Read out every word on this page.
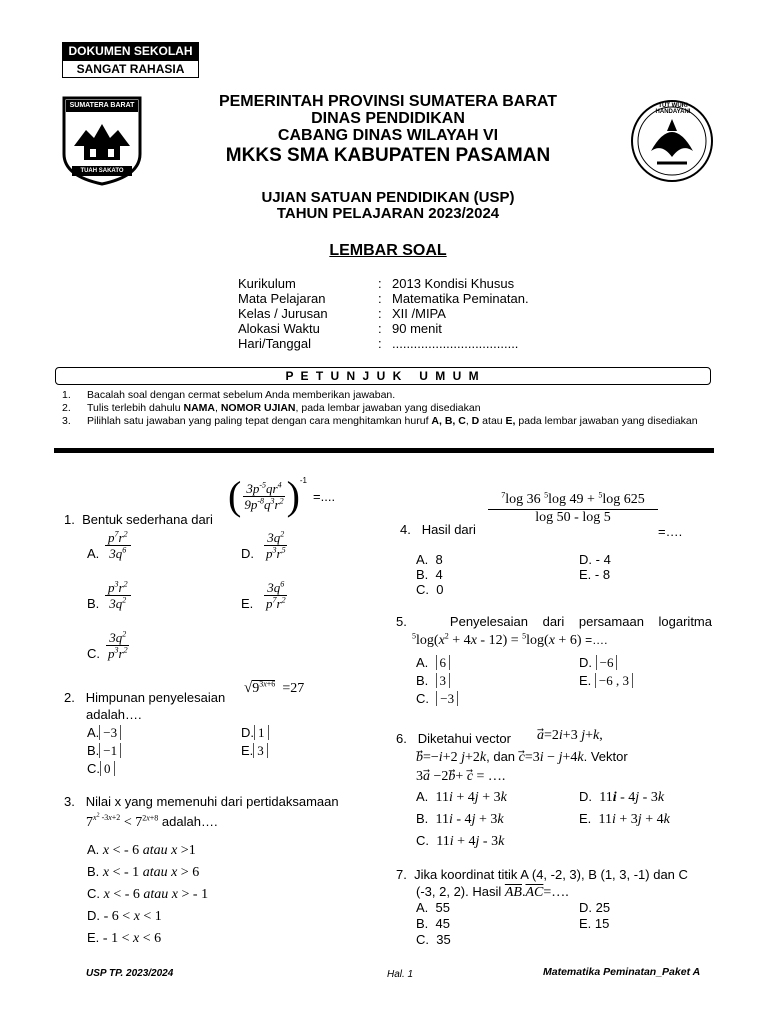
DOKUMEN SEKOLAH
SANGAT RAHASIA
SUMATERA BARAT
TUAH SAKATO
TUT WURI HANDAYANI
PEMERINTAH PROVINSI SUMATERA BARAT
DINAS PENDIDIKAN
CABANG DINAS WILAYAH VI
MKKS SMA KABUPATEN PASAMAN
UJIAN SATUAN PENDIDIKAN (USP)
TAHUN PELAJARAN 2023/2024
LEMBAR SOAL
Kurikulum	:	2013 Kondisi Khusus
Mata Pelajaran	:	Matematika Peminatan.
Kelas / Jurusan	:	XII /MIPA
Alokasi Waktu	:	90 menit
Hari/Tanggal	:	...................................
P E T U N J U K   U M U M
1. Bacalah soal dengan cermat sebelum Anda memberikan jawaban.
2. Tulis terlebih dahulu NAMA, NOMOR UJIAN, pada lembar jawaban yang disediakan
3.	Pilihlah satu jawaban yang paling tepat dengan cara menghitamkan huruf A, B, C, D atau E, pada lembar jawaban yang disediakan
1. Bentuk sederhana dari
( $3p^{-5}qr^4$
$9p^{-8}q^3r^2$ ) -1
=....
A. $\frac{p^7r^2}{3q^6}$
B. $\frac{p^3r^2}{3q^2}$
C. $\frac{3q^2}{p^3r^2}$
D. $\frac{3q^2}{p^3r^5}$
E. $\frac{3q^6}{p^7r^2}$
2. Himpunan penyelesaian
adalah….
$√9^{3x+6} =27$
A. −3
B. −1
C. 0
D. 1
E. 3
3. Nilai x yang memenuhi dari pertidaksamaan
$7^{x^2 -3x+2} < 7^{2x+8}$ adalah….
A. x < - 6 atau x >1
B. x < - 1 atau x > 6
C. x < - 6 atau x > - 1
D. - 6 < x < 1
E. - 1 < x < 6
4. Hasil dari
$^7$log 36 $^5$log 49 + $^5$log 625
log 50 - log 5
=….
A.  8
B.  4
C.  0
D. - 4
E. - 8
5.	Penyelesaian dari persamaan logaritma
$^5\log(x^2 + 4x - 12) = ^5\log(x + 6)$ =….
A.  6
B.  3
C.  −3
D. −6
E. −6 , 3
6. Diketahui vector a⃗=2i+3 j+k,
b⃗=−i+2 j+2k, dan c⃗=3i − j+4k. Vektor
3a⃗ −2b⃗+ c⃗ = ….
A.  11i + 4j + 3k
B.  11i - 4j + 3k
C.  11i + 4j - 3k
D.  11i - 4j - 3k
E.  11i + 3j + 4k
7. Jika koordinat titik A (4, -2, 3), B (1, 3, -1) dan C
(-3, 2, 2). Hasil $\overline{AB}.\overline{AC}=\dots$.
A.  55
B.  45
C.  35
D. 25
E. 15
USP TP. 2023/2024	Hal. 1	Matematika Peminatan_Paket A
